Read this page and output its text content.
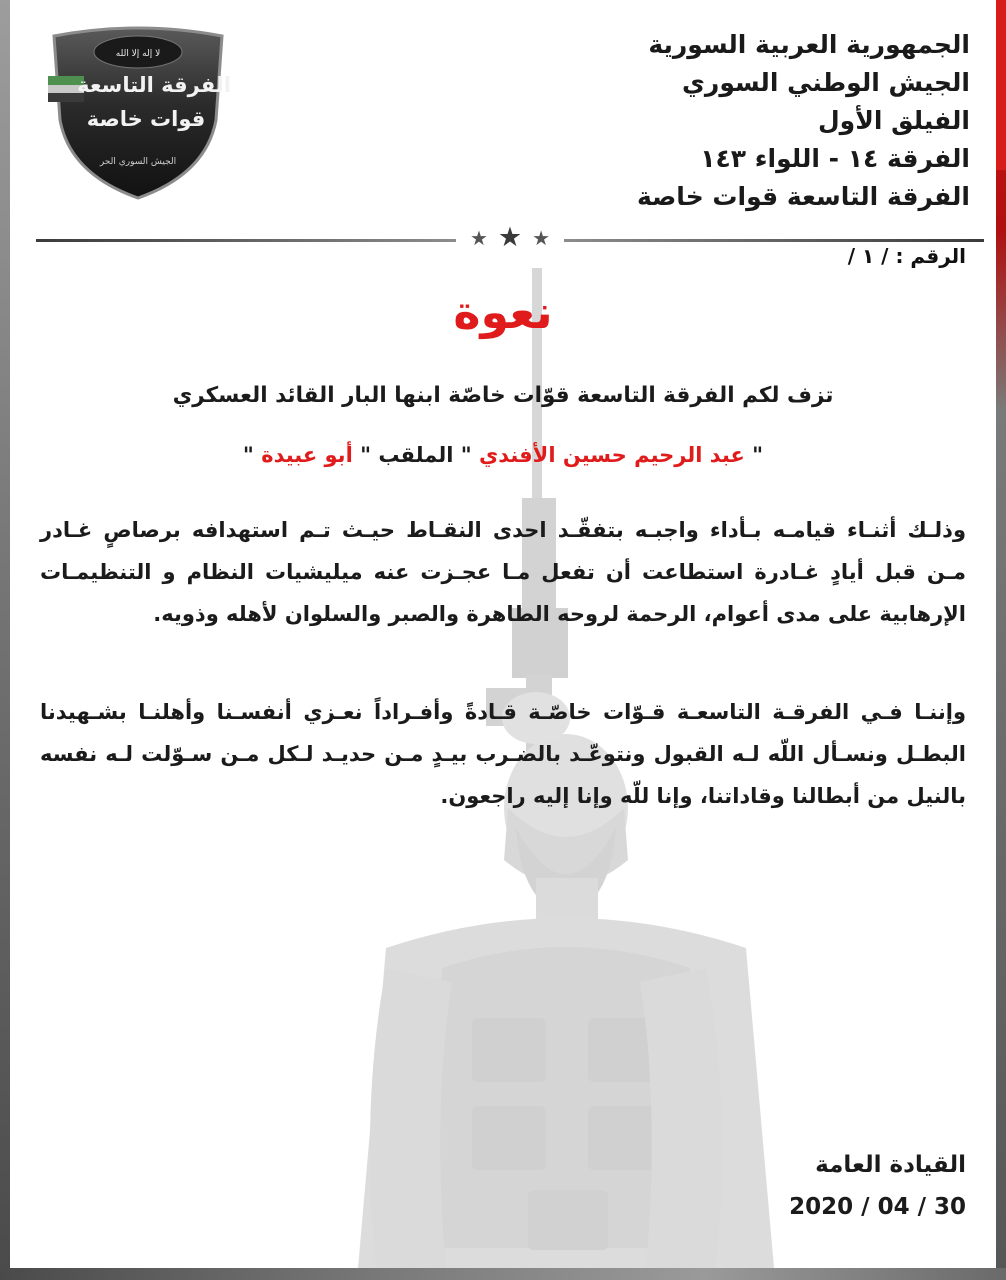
لا إله إلا الله
الفرقة التاسعة
قوات خاصة
الجيش السوري الحر
الجمهورية العربية السورية
الجيش الوطني السوري
الفيلق الأول
الفرقة ١٤ - اللواء ١٤٣
الفرقة التاسعة قوات خاصة
★
★
★
الرقم : / ١ /
نعوة
تزف لكم الفرقة التاسعة قوّات خاصّة ابنها البار القائد العسكري
" عبد الرحيم حسين الأفندي " الملقب " أبو عبيدة "
وذلـك أثنـاء قيامـه بـأداء واجبـه بتفقّـد احدى النقـاط حيـث تـم استهدافه برصاصٍ غـادر مـن قبل أيادٍ غـادرة استطاعت أن تفعل مـا عجـزت عنه ميليشيات النظام و التنظيمـات الإرهابية على مدى أعوام، الرحمة لروحه الطاهرة والصبر والسلوان لأهله وذويه.
وإننـا فـي الفرقـة التاسعـة قـوّات خاصّـة قـادةً وأفـراداً نعـزي أنفسـنا وأهلنـا بشـهيدنا البطـل ونسـأل اللّه لـه القبول ونتوعّـد بالضـرب بيـدٍ مـن حديـد لـكل مـن سـوّلت لـه نفسه بالنيل من أبطالنا وقاداتنا، وإنا للّه وإنا إليه راجعون.
القيادة العامة
2020 / 04 / 30
